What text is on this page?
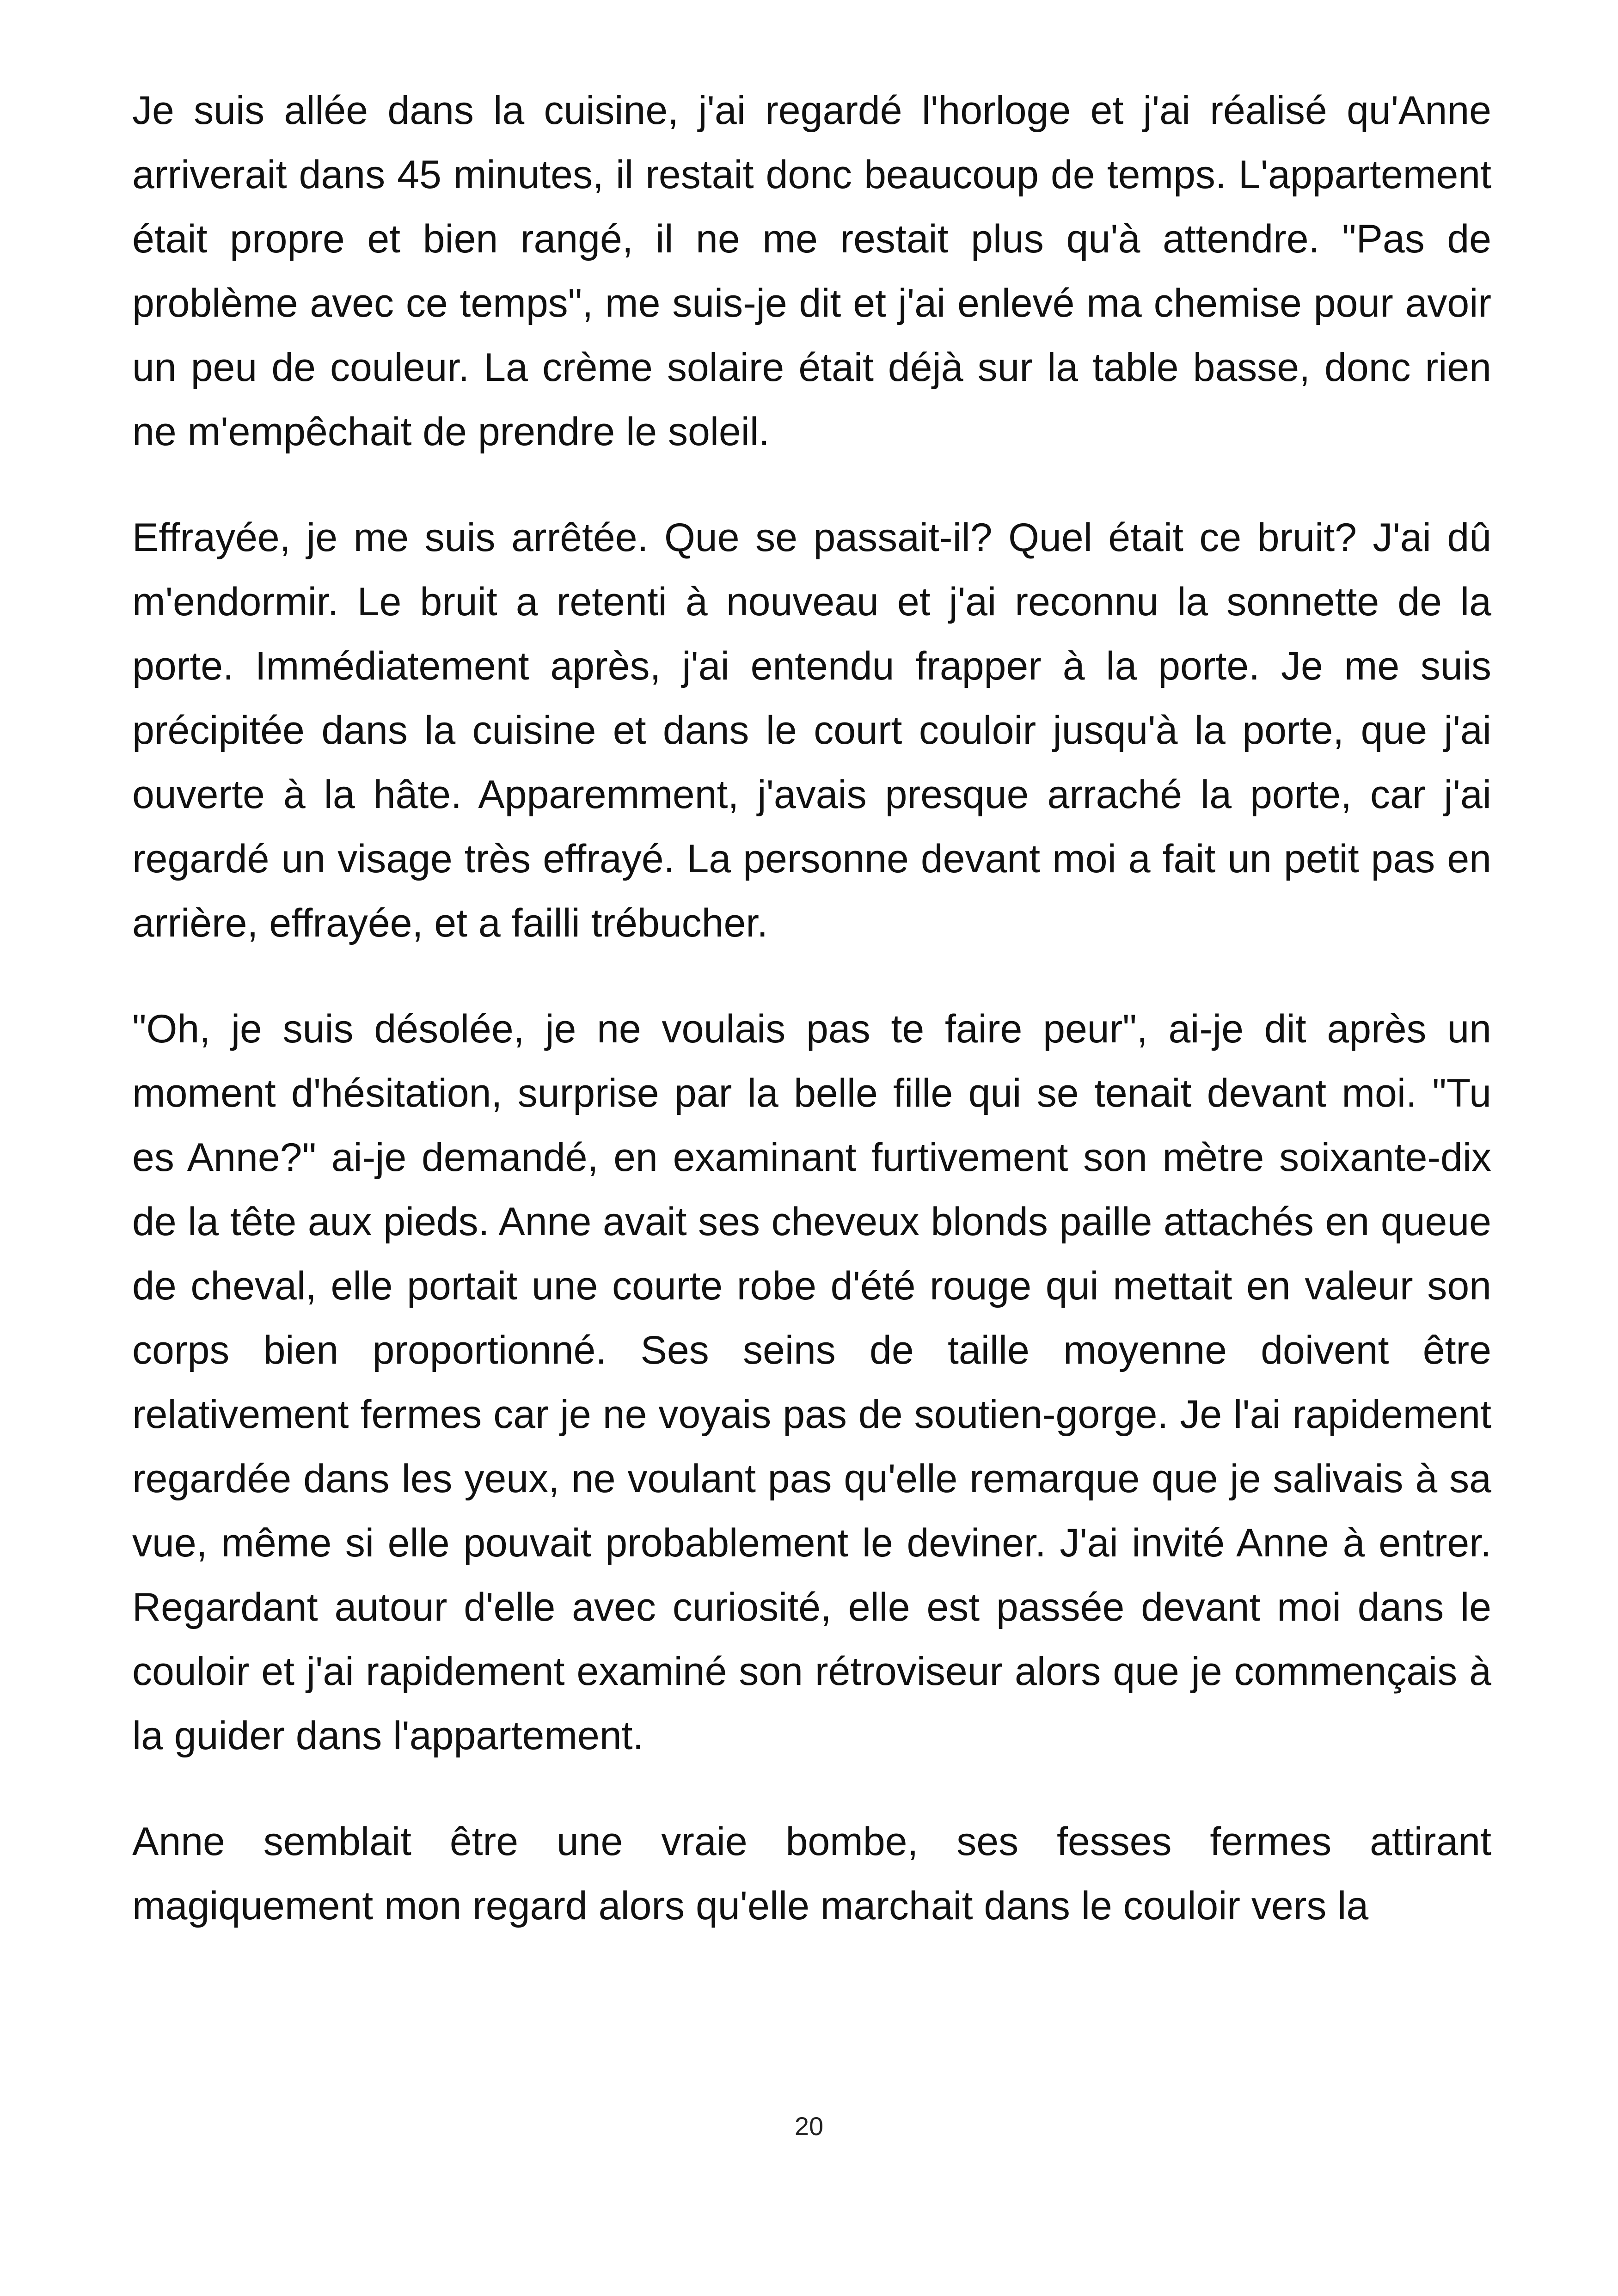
Je suis allée dans la cuisine, j'ai regardé l'horloge et j'ai réalisé qu'Anne arriverait dans 45 minutes, il restait donc beaucoup de temps. L'appartement était propre et bien rangé, il ne me restait plus qu'à attendre. "Pas de problème avec ce temps", me suis-je dit et j'ai enlevé ma chemise pour avoir un peu de couleur. La crème solaire était déjà sur la table basse, donc rien ne m'empêchait de prendre le soleil.

Effrayée, je me suis arrêtée. Que se passait-il? Quel était ce bruit? J'ai dû m'endormir. Le bruit a retenti à nouveau et j'ai reconnu la sonnette de la porte. Immédiatement après, j'ai entendu frapper à la porte. Je me suis précipitée dans la cuisine et dans le court couloir jusqu'à la porte, que j'ai ouverte à la hâte. Apparemment, j'avais presque arraché la porte, car j'ai regardé un visage très effrayé. La personne devant moi a fait un petit pas en arrière, effrayée, et a failli trébucher.

"Oh, je suis désolée, je ne voulais pas te faire peur", ai-je dit après un moment d'hésitation, surprise par la belle fille qui se tenait devant moi. "Tu es Anne?" ai-je demandé, en examinant furtivement son mètre soixante-dix de la tête aux pieds. Anne avait ses cheveux blonds paille attachés en queue de cheval, elle portait une courte robe d'été rouge qui mettait en valeur son corps bien proportionné. Ses seins de taille moyenne doivent être relativement fermes car je ne voyais pas de soutien-gorge. Je l'ai rapidement regardée dans les yeux, ne voulant pas qu'elle remarque que je salivais à sa vue, même si elle pouvait probablement le deviner. J'ai invité Anne à entrer. Regardant autour d'elle avec curiosité, elle est passée devant moi dans le couloir et j'ai rapidement examiné son rétroviseur alors que je commençais à la guider dans l'appartement.

Anne semblait être une vraie bombe, ses fesses fermes attirant magiquement mon regard alors qu'elle marchait dans le couloir vers la

20
